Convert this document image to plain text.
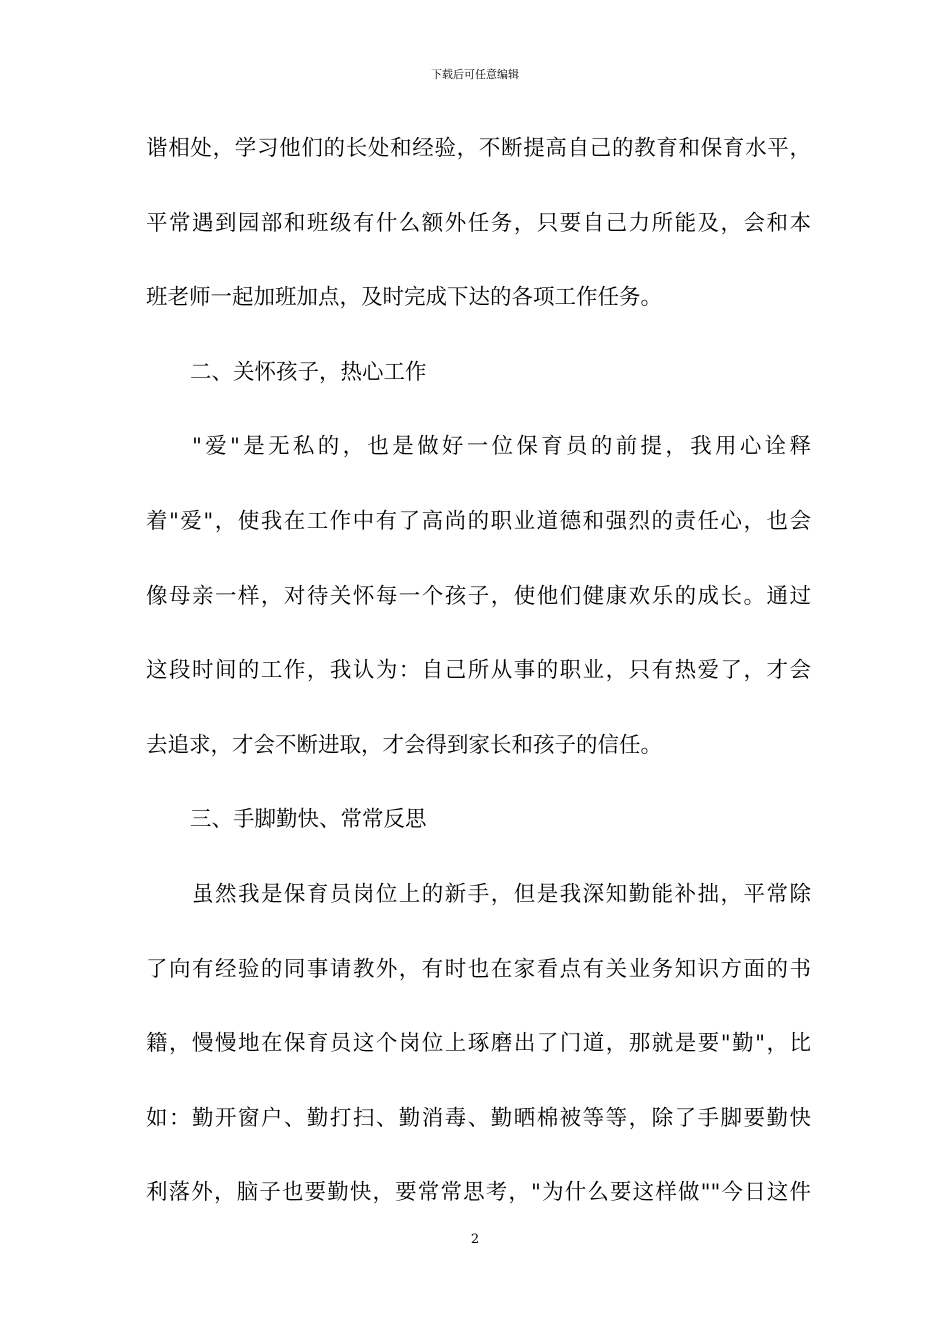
下载后可任意编辑
谐相处，学习他们的长处和经验，不断提高自己的教育和保育水平，
平常遇到园部和班级有什么额外任务，只要自己力所能及，会和本
班老师一起加班加点，及时完成下达的各项工作任务。
二、关怀孩子，热心工作
"爱"是无私的，也是做好一位保育员的前提，我用心诠释
着"爱"，使我在工作中有了高尚的职业道德和强烈的责任心，也会
像母亲一样，对待关怀每一个孩子，使他们健康欢乐的成长。通过
这段时间的工作，我认为：自己所从事的职业，只有热爱了，才会
去追求，才会不断进取，才会得到家长和孩子的信任。
三、手脚勤快、常常反思
虽然我是保育员岗位上的新手，但是我深知勤能补拙，平常除
了向有经验的同事请教外，有时也在家看点有关业务知识方面的书
籍，慢慢地在保育员这个岗位上琢磨出了门道，那就是要"勤"，比
如：勤开窗户、勤打扫、勤消毒、勤晒棉被等等，除了手脚要勤快
利落外，脑子也要勤快，要常常思考，"为什么要这样做""今日这件
2
